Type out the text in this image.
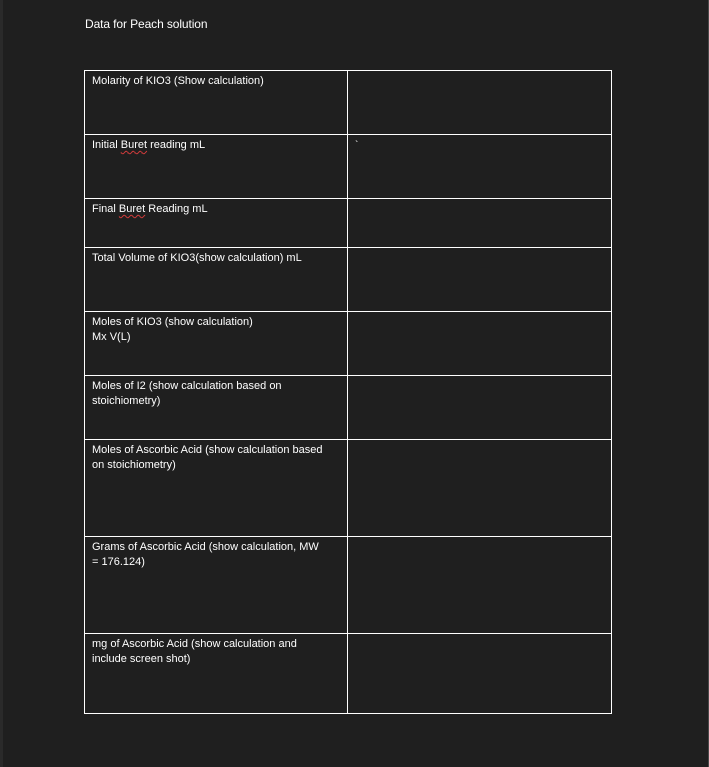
Data for Peach solution
Molarity of KIO3 (Show calculation)	

Initial Buret reading mL	`

Final Buret Reading mL	

Total Volume of KIO3(show calculation) mL	

Moles of KIO3 (show calculation)
Mx V(L)	

Moles of I2 (show calculation based on
stoichiometry)	

Moles of Ascorbic Acid (show calculation based
on stoichiometry)	

Grams of Ascorbic Acid (show calculation, MW
= 176.124)	

mg of Ascorbic Acid (show calculation and
include screen shot)	
